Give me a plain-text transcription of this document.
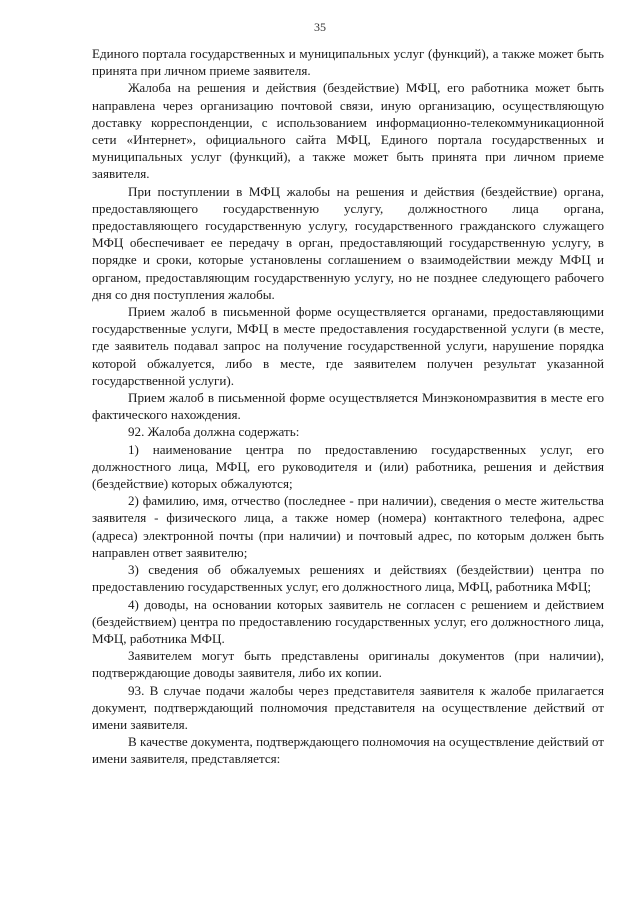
35

Единого портала государственных и муниципальных услуг (функций), а также может быть принята при личном приеме заявителя.

Жалоба на решения и действия (бездействие) МФЦ, его работника может быть направлена через организацию почтовой связи, иную организацию, осуществляющую доставку корреспонденции, с использованием информационно-телекоммуникационной сети «Интернет», официального сайта МФЦ, Единого портала государственных и муниципальных услуг (функций), а также может быть принята при личном приеме заявителя.

При поступлении в МФЦ жалобы на решения и действия (бездействие) органа, предоставляющего государственную услугу, должностного лица органа, предоставляющего государственную услугу, государственного гражданского служащего МФЦ обеспечивает ее передачу в орган, предоставляющий государственную услугу, в порядке и сроки, которые установлены соглашением о взаимодействии между МФЦ и органом, предоставляющим государственную услугу, но не позднее следующего рабочего дня со дня поступления жалобы.

Прием жалоб в письменной форме осуществляется органами, предоставляющими государственные услуги, МФЦ в месте предоставления государственной услуги (в месте, где заявитель подавал запрос на получение государственной услуги, нарушение порядка которой обжалуется, либо в месте, где заявителем получен результат указанной государственной услуги).

Прием жалоб в письменной форме осуществляется Минэкономразвития в месте его фактического нахождения.

92. Жалоба должна содержать:

1) наименование центра по предоставлению государственных услуг, его должностного лица, МФЦ, его руководителя и (или) работника, решения и действия (бездействие) которых обжалуются;

2) фамилию, имя, отчество (последнее - при наличии), сведения о месте жительства заявителя - физического лица, а также номер (номера) контактного телефона, адрес (адреса) электронной почты (при наличии) и почтовый адрес, по которым должен быть направлен ответ заявителю;

3) сведения об обжалуемых решениях и действиях (бездействии) центра по предоставлению государственных услуг, его должностного лица, МФЦ, работника МФЦ;

4) доводы, на основании которых заявитель не согласен с решением и действием (бездействием) центра по предоставлению государственных услуг, его должностного лица, МФЦ, работника МФЦ.

Заявителем могут быть представлены оригиналы документов (при наличии), подтверждающие доводы заявителя, либо их копии.

93. В случае подачи жалобы через представителя заявителя к жалобе прилагается документ, подтверждающий полномочия представителя на осуществление действий от имени заявителя.

В качестве документа, подтверждающего полномочия на осуществление действий от имени заявителя, представляется:
